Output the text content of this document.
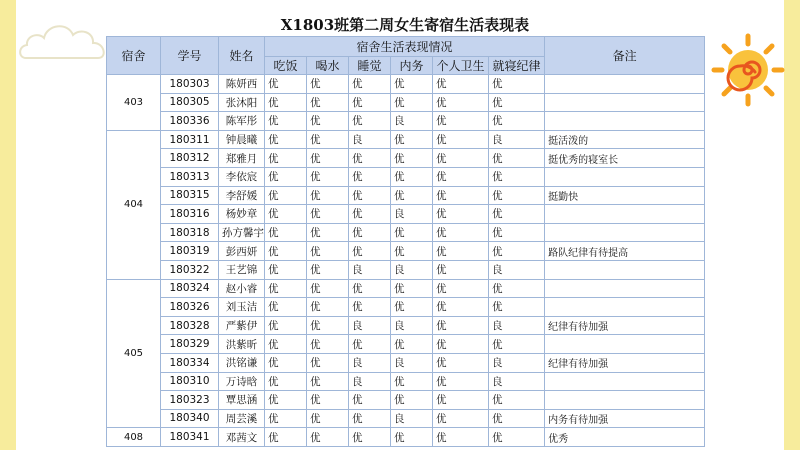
X1803班第二周女生寄宿生活表现表
宿舍	学号	姓名	宿舍生活表现情况						备注
			吃饭	喝水	睡觉	内务	个人卫生	就寝纪律	
403	180303	陈妍西	优	优	优	优	优	优	
	180305	张沐阳	优	优	优	优	优	优	
	180336	陈军彤	优	优	优	良	优	优	
404	180311	钟晨曦	优	优	良	优	优	良	挺活泼的
	180312	郑雅月	优	优	优	优	优	优	挺优秀的寝室长
	180313	李依宸	优	优	优	优	优	优	
	180315	李舒媛	优	优	优	优	优	优	挺勤快
	180316	杨妙章	优	优	优	良	优	优	
	180318	孙方馨宇	优	优	优	优	优	优	
	180319	彭西妍	优	优	优	优	优	优	路队纪律有待提高
	180322	王艺锦	优	优	良	良	优	良	
405	180324	赵小睿	优	优	优	优	优	优	
	180326	刘玉洁	优	优	优	优	优	优	
	180328	严紫伊	优	优	良	良	优	良	纪律有待加强
	180329	洪紫昕	优	优	优	优	优	优	
	180334	洪铭谦	优	优	良	良	优	良	纪律有待加强
	180310	万诗晗	优	优	良	优	优	良	
	180323	覃思涵	优	优	优	优	优	优	
	180340	周芸溪	优	优	优	良	优	优	内务有待加强
408	180341	邓茜文	优	优	优	优	优	优	优秀
